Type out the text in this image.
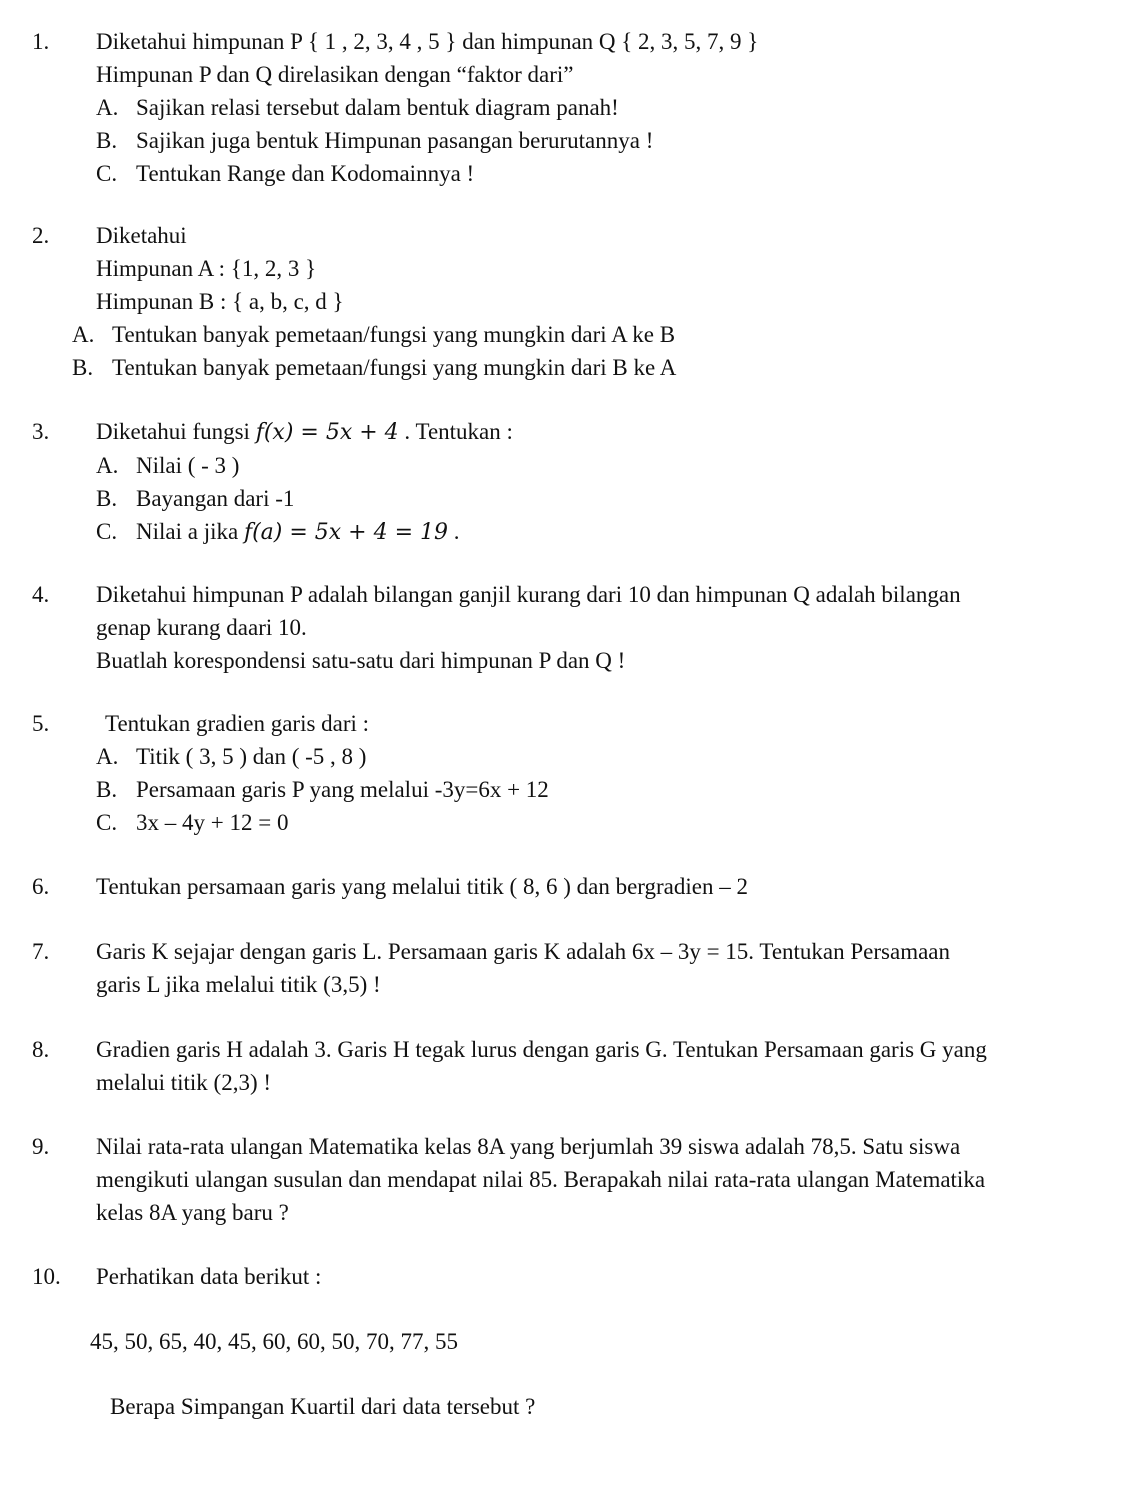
1.	Diketahui himpunan P { 1 , 2, 3, 4 , 5 } dan himpunan Q { 2, 3, 5, 7, 9 }
Himpunan P dan Q direlasikan dengan “faktor dari”
A. Sajikan relasi tersebut dalam bentuk diagram panah!
B. Sajikan juga bentuk Himpunan pasangan berurutannya !
C. Tentukan Range dan Kodomainnya !
2.	Diketahui
Himpunan A : {1, 2, 3 }
Himpunan B : { a, b, c, d }
A. Tentukan banyak pemetaan/fungsi yang mungkin dari A ke B
B. Tentukan banyak pemetaan/fungsi yang mungkin dari B ke A
3.	Diketahui fungsi f(x) = 5x + 4 . Tentukan :
A. Nilai ( - 3 )
B. Bayangan dari -1
C. Nilai a jika f(a) = 5x + 4 = 19 .
4.	Diketahui himpunan P adalah bilangan ganjil kurang dari 10 dan himpunan Q adalah bilangan
genap kurang daari 10.
Buatlah korespondensi satu-satu dari himpunan P dan Q !
5.	Tentukan gradien garis dari :
A. Titik ( 3, 5 ) dan ( -5 , 8 )
B. Persamaan garis P yang melalui -3y=6x + 12
C. 3x – 4y + 12 = 0
6.	Tentukan persamaan garis yang melalui titik ( 8, 6 ) dan bergradien – 2
7.	Garis K sejajar dengan garis L. Persamaan garis K adalah 6x – 3y = 15. Tentukan Persamaan
garis L jika melalui titik (3,5) !
8.	Gradien garis H adalah 3. Garis H tegak lurus dengan garis G. Tentukan Persamaan garis G yang
melalui titik (2,3) !
9.	Nilai rata-rata ulangan Matematika kelas 8A yang berjumlah 39 siswa adalah 78,5. Satu siswa
mengikuti ulangan susulan dan mendapat nilai 85. Berapakah nilai rata-rata ulangan Matematika
kelas 8A yang baru ?
10.	Perhatikan data berikut :
45, 50, 65, 40, 45, 60, 60, 50, 70, 77, 55
Berapa Simpangan Kuartil dari data tersebut ?
